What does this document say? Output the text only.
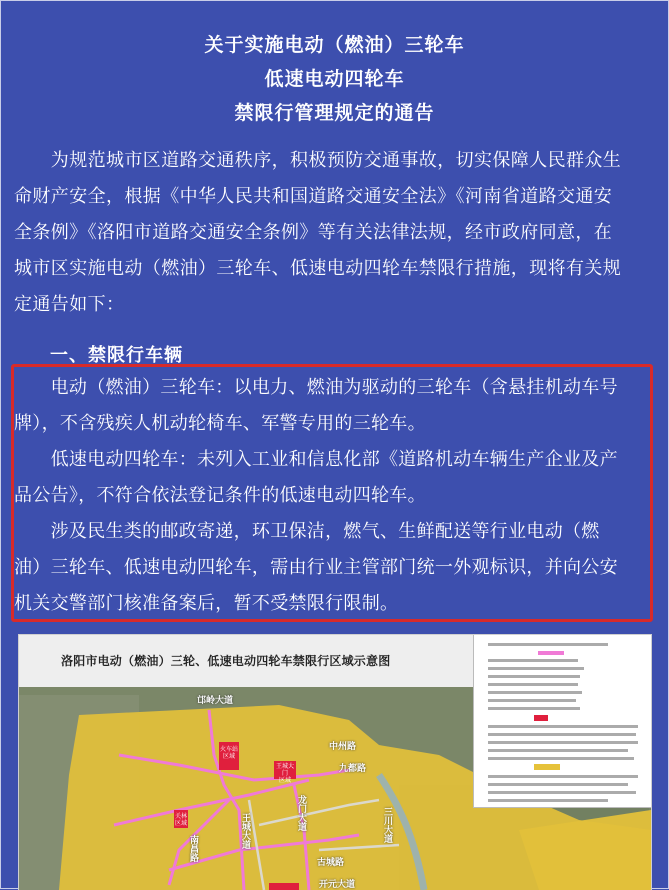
关于实施电动（燃油）三轮车
低速电动四轮车
禁限行管理规定的通告
　　为规范城市区道路交通秩序，积极预防交通事故，切实保障人民群众生
命财产安全，根据《中华人民共和国道路交通安全法》《河南省道路交通安
全条例》《洛阳市道路交通安全条例》等有关法律法规，经市政府同意，在
城市区实施电动（燃油）三轮车、低速电动四轮车禁限行措施，现将有关规
定通告如下：
一、禁限行车辆
　　电动（燃油）三轮车：以电力、燃油为驱动的三轮车（含悬挂机动车号
牌），不含残疾人机动轮椅车、军警专用的三轮车。
　　低速电动四轮车：未列入工业和信息化部《道路机动车辆生产企业及产
品公告》，不符合依法登记条件的低速电动四轮车。
　　涉及民生类的邮政寄递，环卫保洁，燃气、生鲜配送等行业电动（燃
油）三轮车、低速电动四轮车，需由行业主管部门统一外观标识，并向公安
机关交警部门核准备案后，暂不受禁限行限制。
洛阳市电动（燃油）三轮、低速电动四轮车禁限行区域示意图
邙岭大道
中州路
九都路
王城大道	龙门大道
古城路
开元大道
三川大道
南昌路
火车站
区域
王城大门
区域
关林
区域
